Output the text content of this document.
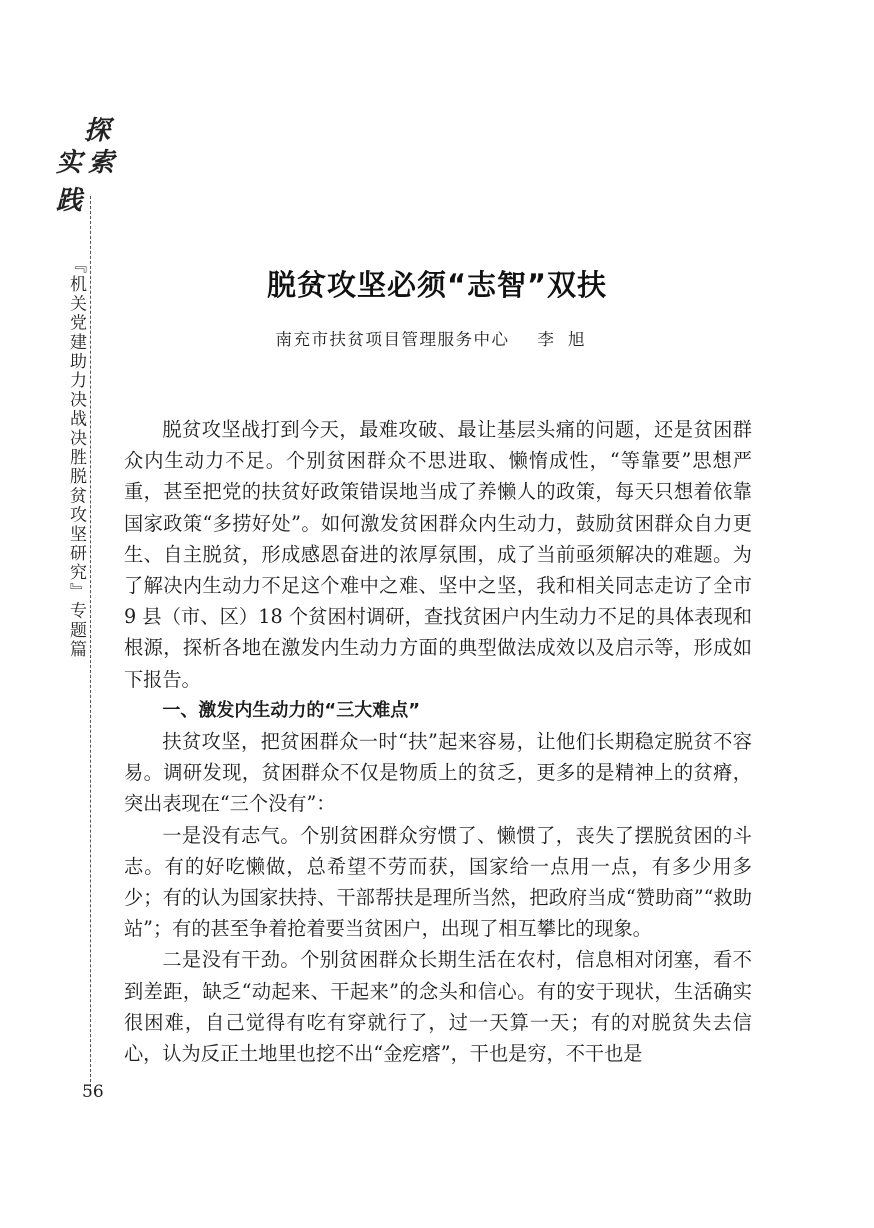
探
索
实
践
『机关党建助力决战决胜脱贫攻坚研究』专题篇
56
脱贫攻坚必须“志智”双扶
南充市扶贫项目管理服务中心 李旭

脱贫攻坚战打到今天，最难攻破、最让基层头痛的问题，还是贫困群众内生动力不足。个别贫困群众不思进取、懒惰成性，“等靠要”思想严重，甚至把党的扶贫好政策错误地当成了养懒人的政策，每天只想着依靠国家政策“多捞好处”。如何激发贫困群众内生动力，鼓励贫困群众自力更生、自主脱贫，形成感恩奋进的浓厚氛围，成了当前亟须解决的难题。为了解决内生动力不足这个难中之难、坚中之坚，我和相关同志走访了全市 9 县（市、区）18 个贫困村调研，查找贫困户内生动力不足的具体表现和根源，探析各地在激发内生动力方面的典型做法成效以及启示等，形成如下报告。

一、激发内生动力的“三大难点”

扶贫攻坚，把贫困群众一时“扶”起来容易，让他们长期稳定脱贫不容易。调研发现，贫困群众不仅是物质上的贫乏，更多的是精神上的贫瘠，突出表现在“三个没有”：

一是没有志气。个别贫困群众穷惯了、懒惯了，丧失了摆脱贫困的斗志。有的好吃懒做，总希望不劳而获，国家给一点用一点，有多少用多少；有的认为国家扶持、干部帮扶是理所当然，把政府当成“赞助商”“救助站”；有的甚至争着抢着要当贫困户，出现了相互攀比的现象。

二是没有干劲。个别贫困群众长期生活在农村，信息相对闭塞，看不到差距，缺乏“动起来、干起来”的念头和信心。有的安于现状，生活确实很困难，自己觉得有吃有穿就行了，过一天算一天；有的对脱贫失去信心，认为反正土地里也挖不出“金疙瘩”，干也是穷，不干也是
